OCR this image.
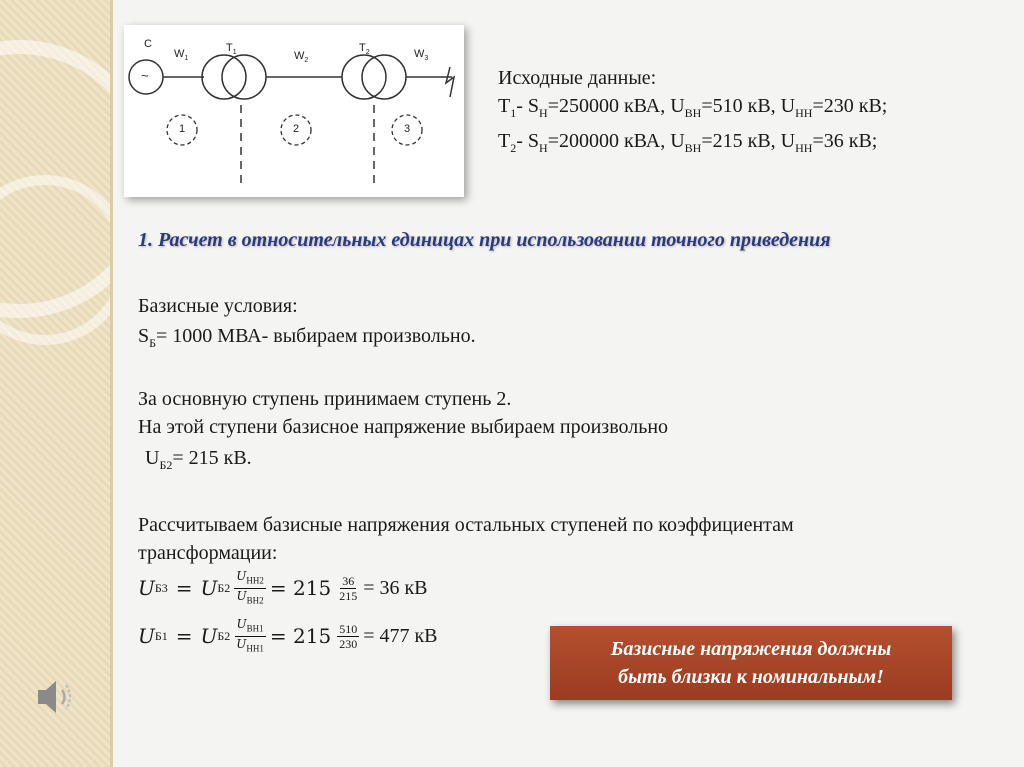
C
~
$W_1$
$T_1$	$W_2$
$T_2$	$W_3$
1	2	3
Исходные данные:
$T_1-$ $S_Н=250000$ кВА, $U_{ВН}=510$ кВ, $U_{НН}=230$ кВ;
$T_2-$ $S_Н=200000$ кВА, $U_{ВН}=215$ кВ, $U_{НН}=36$ кВ;
1. Расчет в относительных единицах при использовании точного приведения
Базисные условия:
$S_Б= 1000$ МВА- выбираем произвольно.
За основную ступень принимаем ступень 2.
На этой ступени базисное напряжение выбираем произвольно
$U_{Б2}= 215$ кВ.
Рассчитываем базисные напряжения остальных ступеней по коэффициентам
трансформации:
U Б3 = U $Б2 \frac{U_{НН2}}{U_{ВН2}} = 215 \frac{36}{215} = 36$ кВ
U Б1 = U $Б2 \frac{U_{ВН1}}{U_{НН1}} = 215 \frac{510}{230} = 477$ кВ
Базисные напряжения должны
быть близки к номинальным!
